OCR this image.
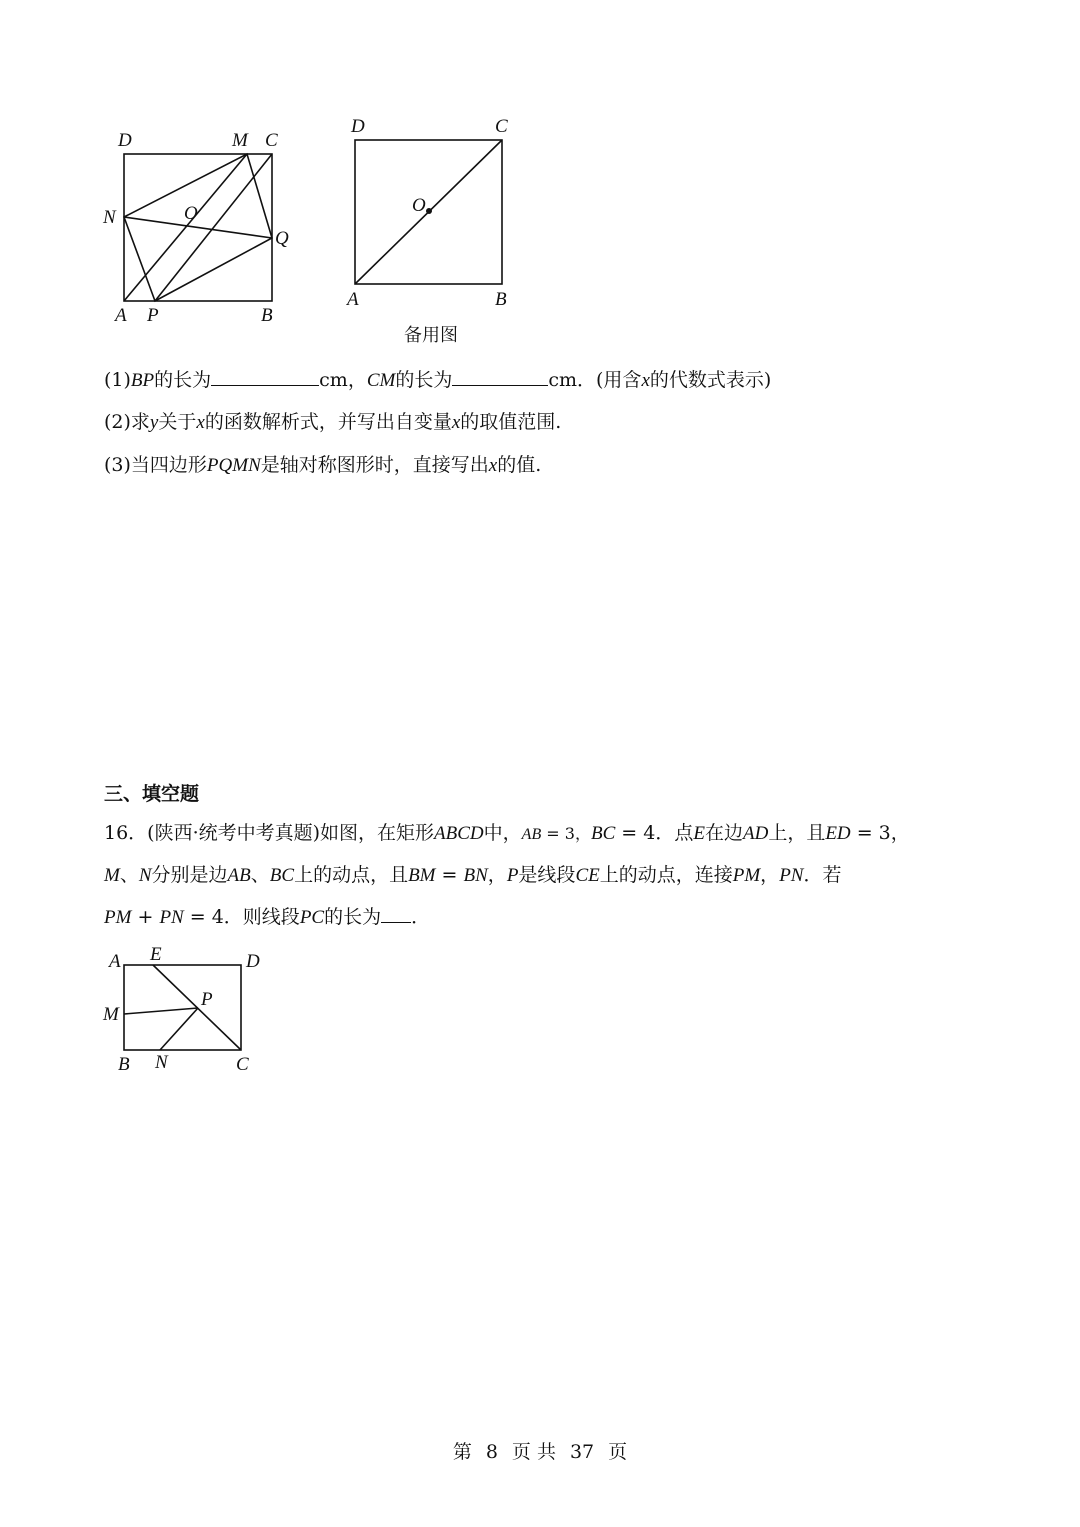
D	M C
N	O
Q
A P	B
D	C
O
A	B
备用图
(1)BP的长为	cm，CM的长为	cm．(用含x的代数式表示)
(2)求y关于x的函数解析式，并写出自变量x的取值范围.
(3)当四边形PQMN是轴对称图形时，直接写出x的值.
三、填空题
16．(陕西·统考中考真题)如图，在矩形ABCD中，AB = 3，BC = 4．点E在边AD上，且ED = 3，
M、N分别是边AB、BC上的动点，且BM = BN，P是线段CE上的动点，连接PM，PN．若
PM + PN = 4．则线段PC的长为 ．
A E	D
M
P
B N	C
第 8 页 共 37 页
